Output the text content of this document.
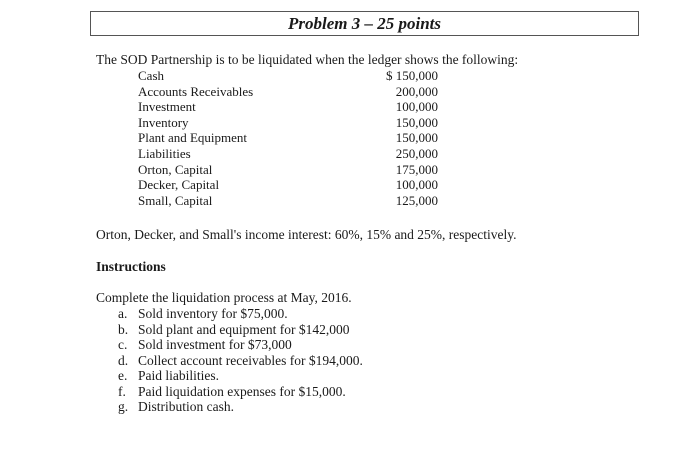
Problem 3 – 25 points
The SOD Partnership is to be liquidated when the ledger shows the following:
Cash	$ 150,000
Accounts Receivables	200,000
Investment	100,000
Inventory	150,000
Plant and Equipment	150,000
Liabilities	250,000
Orton, Capital	175,000
Decker, Capital	100,000
Small, Capital	125,000
Orton, Decker, and Small's income interest: 60%, 15% and 25%, respectively.
Instructions
Complete the liquidation process at May, 2016.
a. Sold inventory for $75,000.
b. Sold plant and equipment for $142,000
c. Sold investment for $73,000
d. Collect account receivables for $194,000.
e. Paid liabilities.
f. Paid liquidation expenses for $15,000.
g. Distribution cash.
